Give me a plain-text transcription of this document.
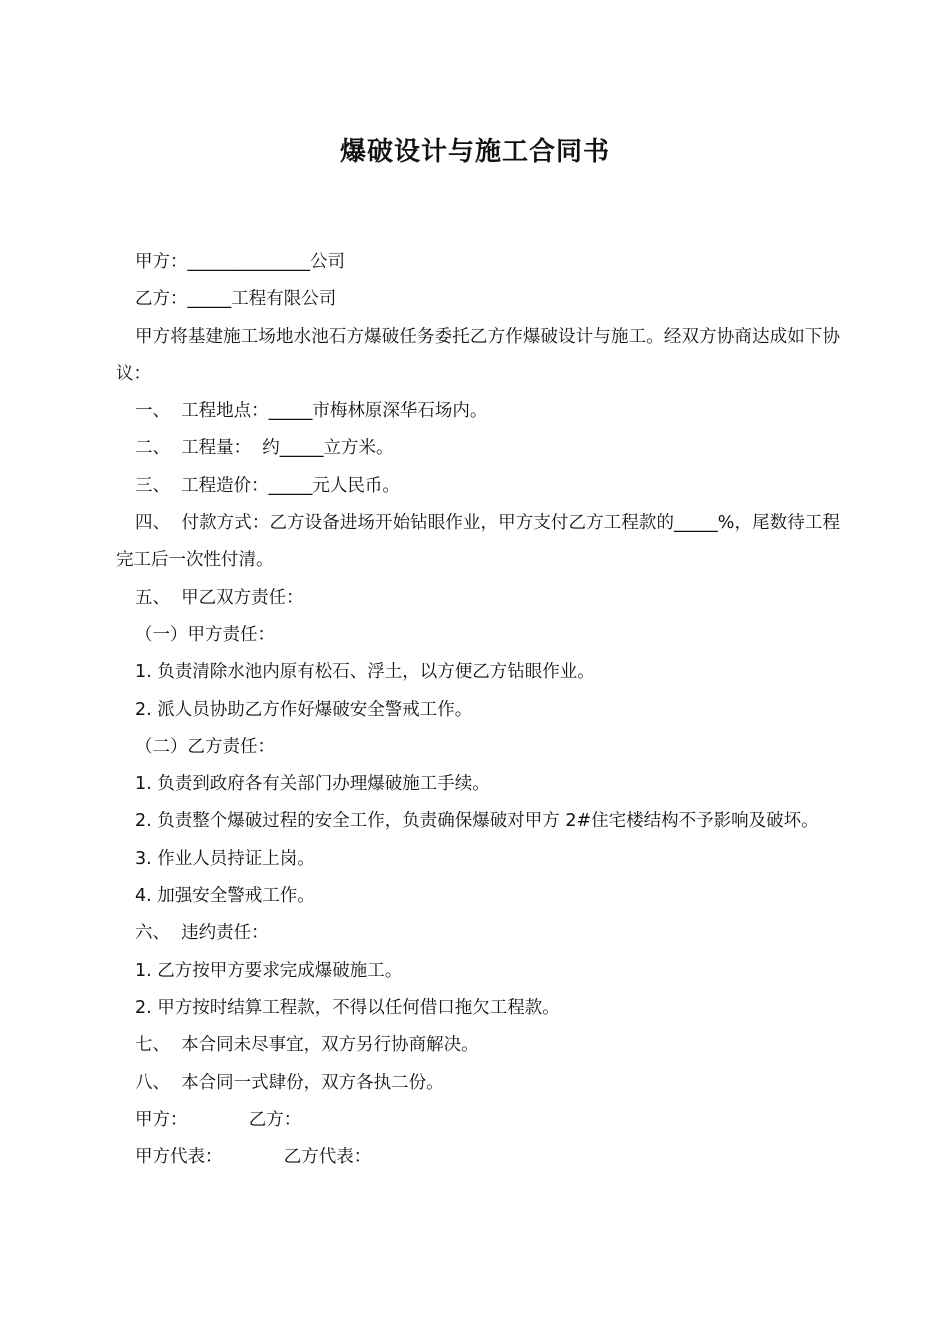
爆破设计与施工合同书

甲方：______________公司

乙方：_____工程有限公司

甲方将基建施工场地水池石方爆破任务委托乙方作爆破设计与施工。经双方协商达成如下协议：

一、  工程地点：_____市梅林原深华石场内。

二、  工程量：  约_____立方米。

三、  工程造价：_____元人民币。

四、  付款方式：乙方设备进场开始钻眼作业，甲方支付乙方工程款的_____%，尾数待工程完工后一次性付清。

五、  甲乙双方责任：

（一）甲方责任：

1. 负责清除水池内原有松石、浮土，以方便乙方钻眼作业。

2. 派人员协助乙方作好爆破安全警戒工作。

（二）乙方责任：

1. 负责到政府各有关部门办理爆破施工手续。

2. 负责整个爆破过程的安全工作，负责确保爆破对甲方 2#住宅楼结构不予影响及破坏。

3. 作业人员持证上岗。

4. 加强安全警戒工作。

六、  违约责任：

1. 乙方按甲方要求完成爆破施工。

2. 甲方按时结算工程款，不得以任何借口拖欠工程款。

七、  本合同未尽事宜，双方另行协商解决。

八、  本合同一式肆份，双方各执二份。

甲方：           乙方：

甲方代表：           乙方代表：
